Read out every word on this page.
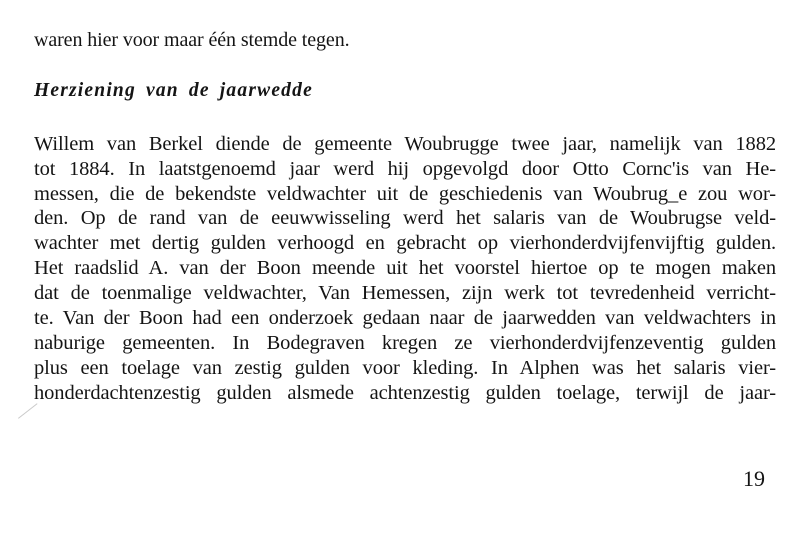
waren hier voor maar één stemde tegen.
Herziening van de jaarwedde
Willem van Berkel diende de gemeente Woubrugge twee jaar, namelijk van 1882
tot 1884. In laatstgenoemd jaar werd hij opgevolgd door Otto Cornc'is van He-
messen, die de bekendste veldwachter uit de geschiedenis van Woubrug_e zou wor-
den. Op de rand van de eeuwwisseling werd het salaris van de Woubrugse veld-
wachter met dertig gulden verhoogd en gebracht op vierhonderdvijfenvijftig gulden.
Het raadslid A. van der Boon meende uit het voorstel hiertoe op te mogen maken
dat de toenmalige veldwachter, Van Hemessen, zijn werk tot tevredenheid verricht-
te. Van der Boon had een onderzoek gedaan naar de jaarwedden van veldwachters in
naburige gemeenten. In Bodegraven kregen ze vierhonderdvijfenzeventig gulden
plus een toelage van zestig gulden voor kleding. In Alphen was het salaris vier-
honderdachtenzestig gulden alsmede achtenzestig gulden toelage, terwijl de jaar-
19
